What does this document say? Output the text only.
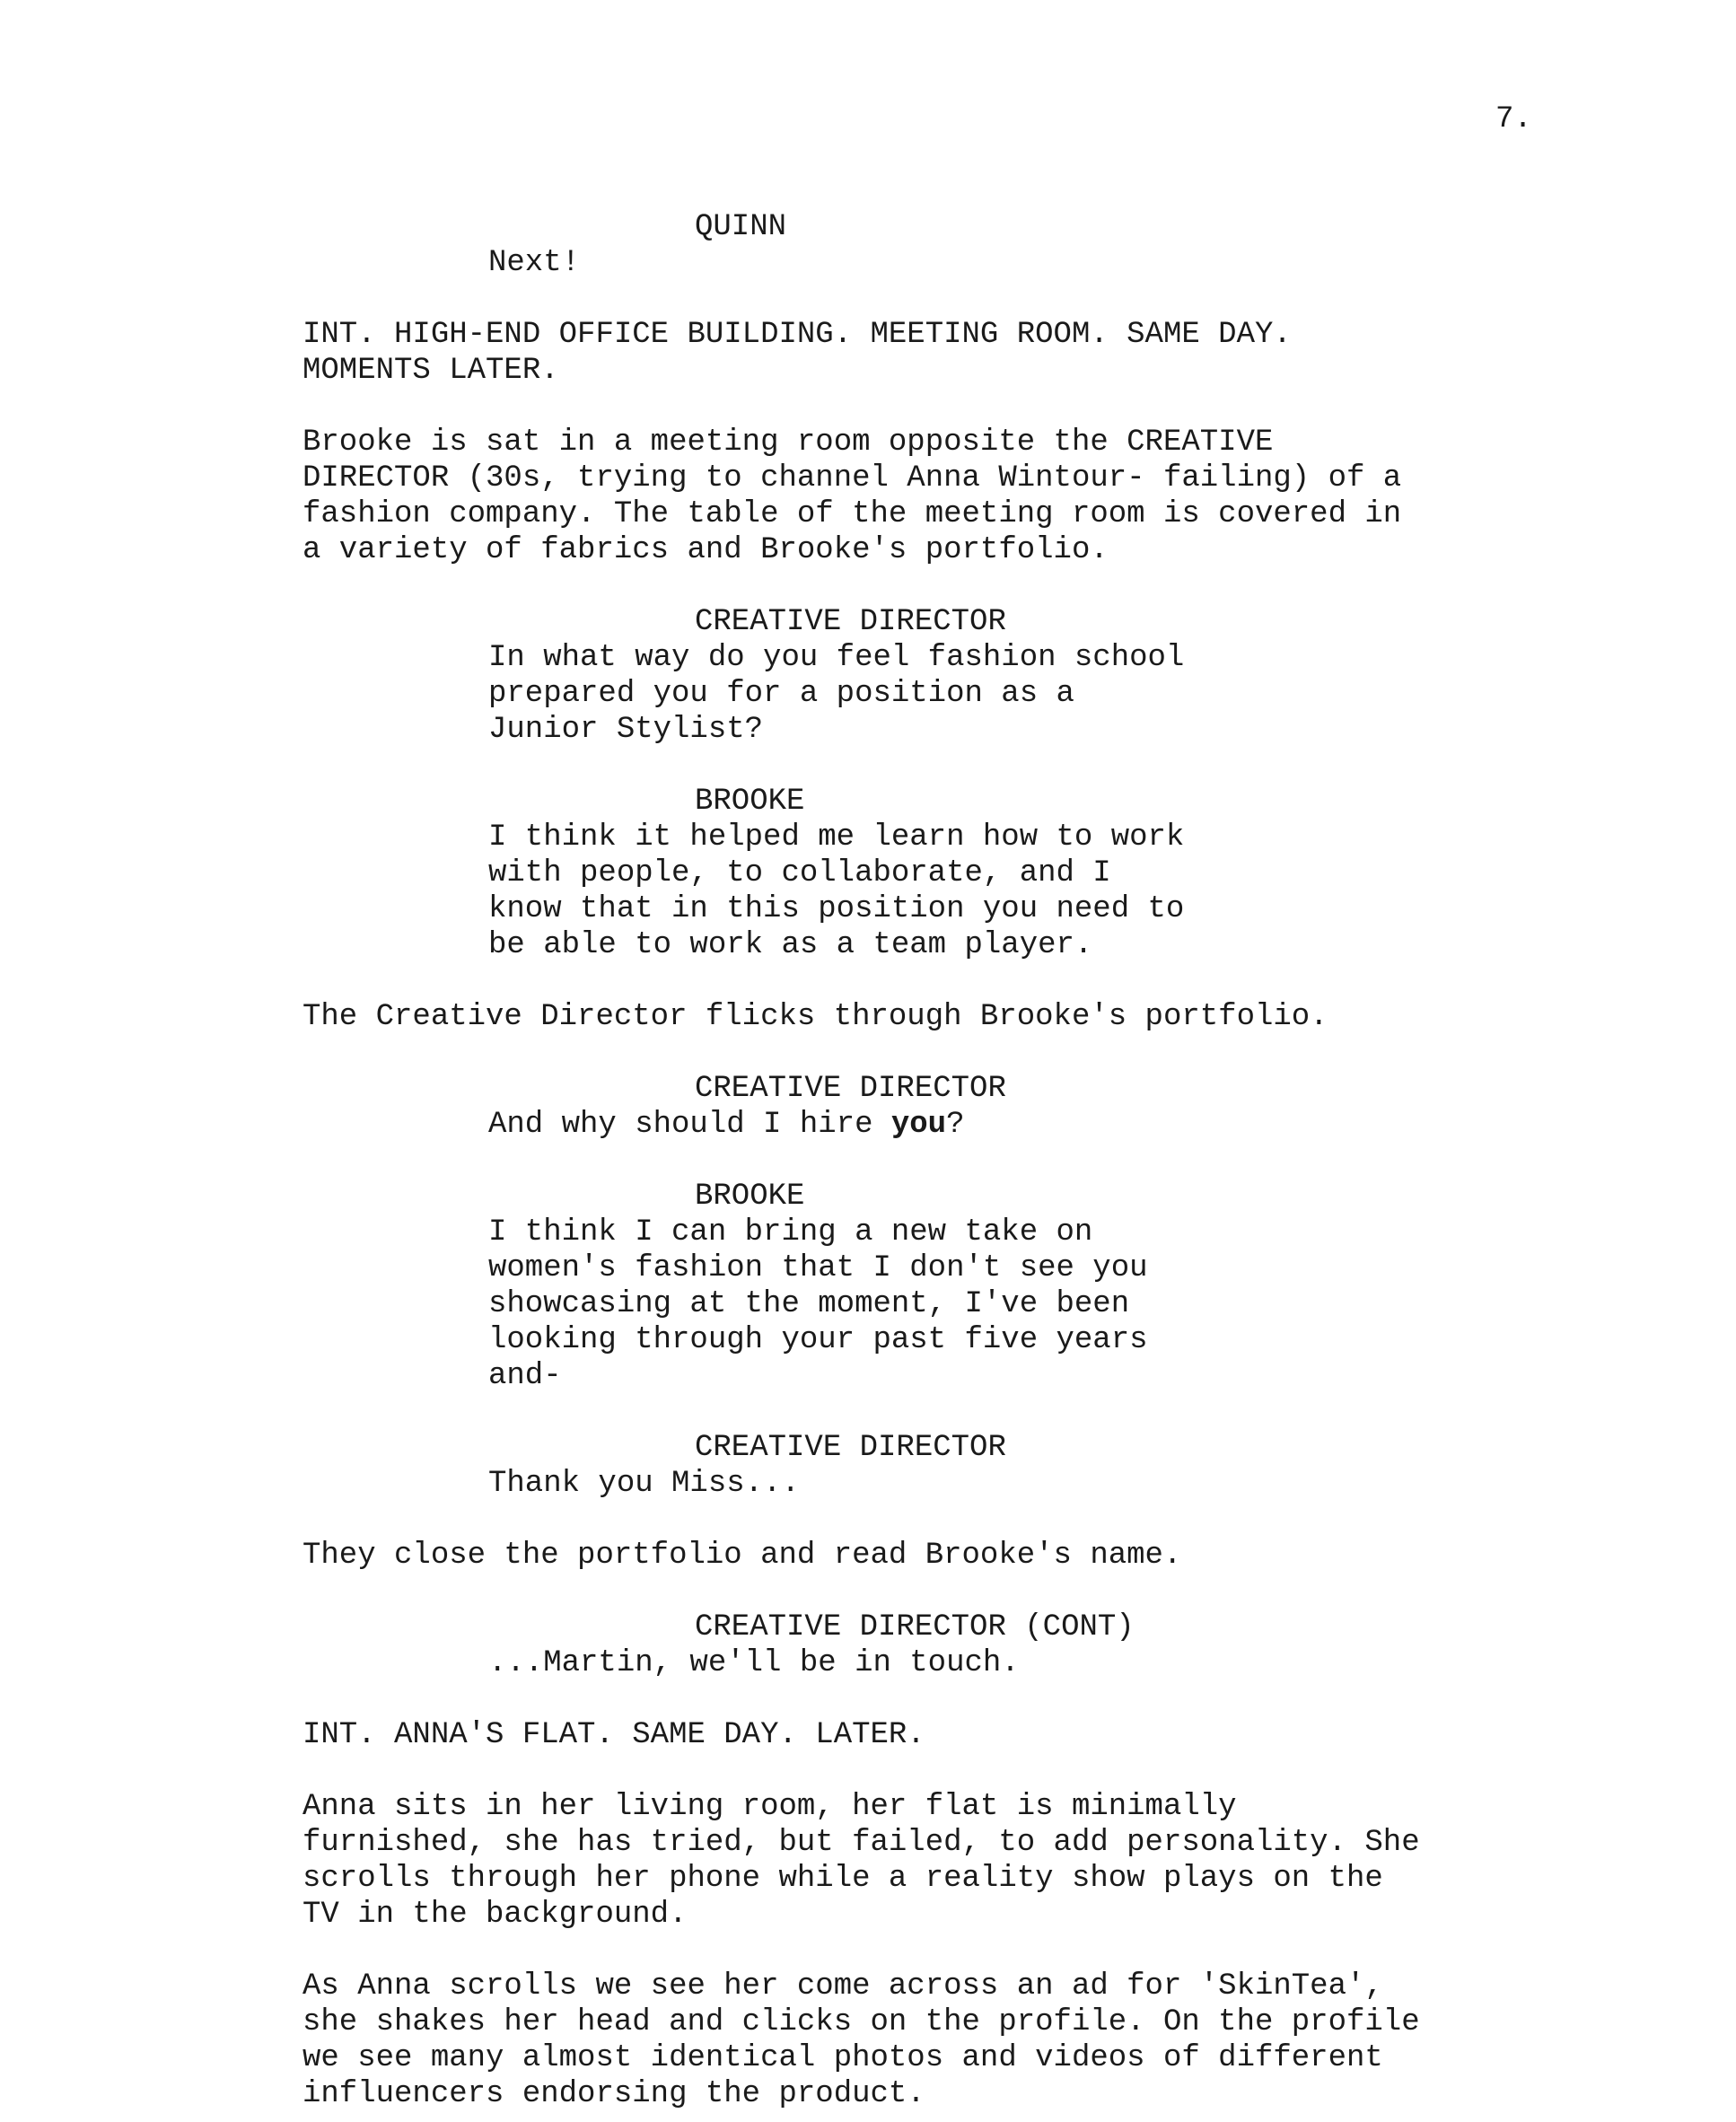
7.
QUINN
Next!
INT. HIGH-END OFFICE BUILDING. MEETING ROOM. SAME DAY.
MOMENTS LATER.
Brooke is sat in a meeting room opposite the CREATIVE
DIRECTOR (30s, trying to channel Anna Wintour- failing) of a
fashion company. The table of the meeting room is covered in
a variety of fabrics and Brooke's portfolio.
CREATIVE DIRECTOR
In what way do you feel fashion school
prepared you for a position as a
Junior Stylist?
BROOKE
I think it helped me learn how to work
with people, to collaborate, and I
know that in this position you need to
be able to work as a team player.
The Creative Director flicks through Brooke's portfolio.
CREATIVE DIRECTOR
And why should I hire you?
BROOKE
I think I can bring a new take on
women's fashion that I don't see you
showcasing at the moment, I've been
looking through your past five years
and-
CREATIVE DIRECTOR
Thank you Miss...
They close the portfolio and read Brooke's name.
CREATIVE DIRECTOR (CONT)
...Martin, we'll be in touch.
INT. ANNA'S FLAT. SAME DAY. LATER.
Anna sits in her living room, her flat is minimally
furnished, she has tried, but failed, to add personality. She
scrolls through her phone while a reality show plays on the
TV in the background.
As Anna scrolls we see her come across an ad for 'SkinTea',
she shakes her head and clicks on the profile. On the profile
we see many almost identical photos and videos of different
influencers endorsing the product.
